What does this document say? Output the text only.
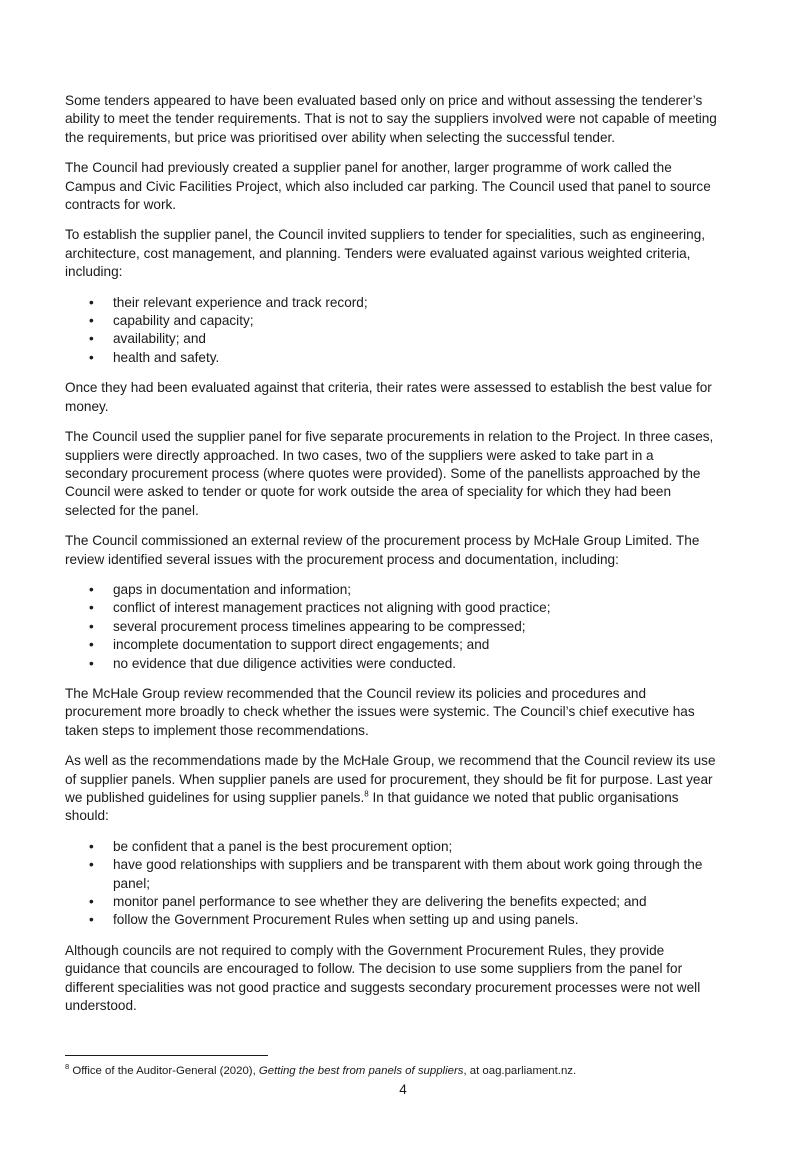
Some tenders appeared to have been evaluated based only on price and without assessing the tenderer’s
ability to meet the tender requirements. That is not to say the suppliers involved were not capable of meeting
the requirements, but price was prioritised over ability when selecting the successful tender.

The Council had previously created a supplier panel for another, larger programme of work called the
Campus and Civic Facilities Project, which also included car parking. The Council used that panel to source
contracts for work.

To establish the supplier panel, the Council invited suppliers to tender for specialities, such as engineering,
architecture, cost management, and planning. Tenders were evaluated against various weighted criteria,
including:

• their relevant experience and track record;
• capability and capacity;
• availability; and
• health and safety.

Once they had been evaluated against that criteria, their rates were assessed to establish the best value for
money.

The Council used the supplier panel for five separate procurements in relation to the Project. In three cases,
suppliers were directly approached. In two cases, two of the suppliers were asked to take part in a
secondary procurement process (where quotes were provided). Some of the panellists approached by the
Council were asked to tender or quote for work outside the area of speciality for which they had been
selected for the panel.

The Council commissioned an external review of the procurement process by McHale Group Limited. The
review identified several issues with the procurement process and documentation, including:

• gaps in documentation and information;
• conflict of interest management practices not aligning with good practice;
• several procurement process timelines appearing to be compressed;
• incomplete documentation to support direct engagements; and
• no evidence that due diligence activities were conducted.

The McHale Group review recommended that the Council review its policies and procedures and
procurement more broadly to check whether the issues were systemic. The Council’s chief executive has
taken steps to implement those recommendations.

As well as the recommendations made by the McHale Group, we recommend that the Council review its use
of supplier panels. When supplier panels are used for procurement, they should be fit for purpose. Last year
we published guidelines for using supplier panels.$^8$ In that guidance we noted that public organisations
should:

• be confident that a panel is the best procurement option;
• have good relationships with suppliers and be transparent with them about work going through the
panel;
• monitor panel performance to see whether they are delivering the benefits expected; and
• follow the Government Procurement Rules when setting up and using panels.

Although councils are not required to comply with the Government Procurement Rules, they provide
guidance that councils are encouraged to follow. The decision to use some suppliers from the panel for
different specialities was not good practice and suggests secondary procurement processes were not well
understood.

$^8$ Office of the Auditor-General (2020), Getting the best from panels of suppliers, at oag.parliament.nz.
4
